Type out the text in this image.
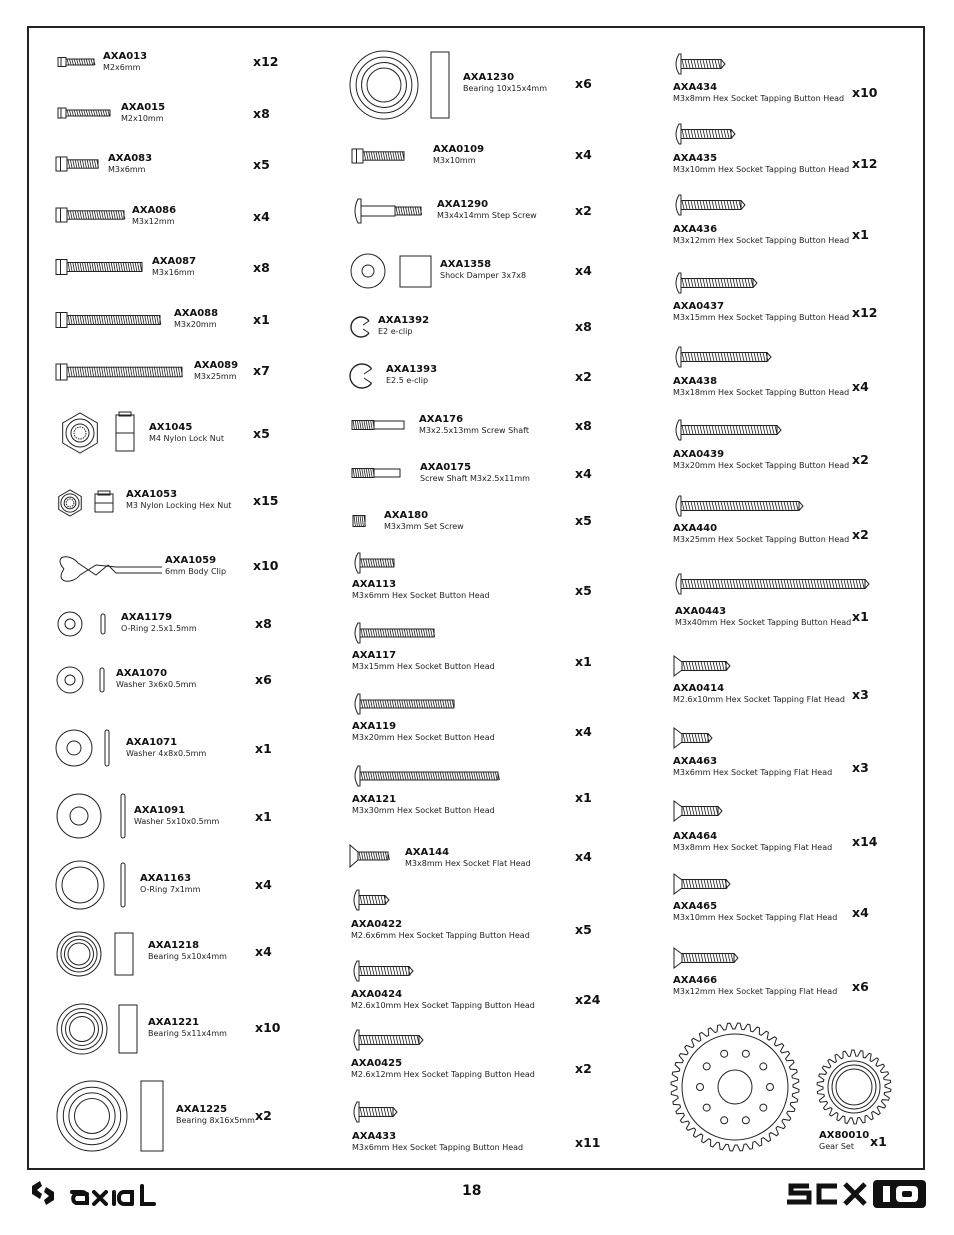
AXA013
M2x6mm	x12
AXA015
M2x10mm	x8
AXA083
M3x6mm	x5
AXA086
M3x12mm	x4
AXA087
M3x16mm	x8
AXA088
M3x20mm	x1
AXA089
M3x25mm x7
AX1045
M4 Nylon Lock Nut x5
AXA1053
M3 Nylon Locking Hex Nut x15
AXA1059
6mm Body Clip x10
AXA1179
O-Ring 2.5x1.5mm	x8
AXA1070
Washer 3x6x0.5mm	x6
AXA1071
Washer 4x8x0.5mm	x1
AXA1091
Washer 5x10x0.5mm	x1
AXA1163
O-Ring 7x1mm	x4
AXA1218
Bearing 5x10x4mm x4
AXA1221
Bearing 5x11x4mm x10
AXA1225
Bearing 8x16x5mm x2
AXA1230
Bearing 10x15x4mm x6
AXA0109
M3x10mm	x4
AXA1290
M3x4x14mm Step Screw	x2
AXA1358
Shock Damper 3x7x8	x4
AXA1392
E2 e-clip	x8
AXA1393
E2.5 e-clip	x2
AXA176
M3x2.5x13mm Screw Shaft	x8
AXA0175
Screw Shaft M3x2.5x11mm	x4
AXA180
M3x3mm Set Screw	x5
AXA113
M3x6mm Hex Socket Button Head	x5
AXA117
M3x15mm Hex Socket Button Head	x1
AXA119
M3x20mm Hex Socket Button Head	x4
AXA121
M3x30mm Hex Socket Button Head
x1
AXA144
M3x8mm Hex Socket Flat Head	x4
AXA0422
M2.6x6mm Hex Socket Tapping Button Head	x5
AXA0424
M2.6x10mm Hex Socket Tapping Button Head	x24
AXA0425
M2.6x12mm Hex Socket Tapping Button Head	x2
AXA433
M3x6mm Hex Socket Tapping Button Head	x11
AXA434
M3x8mm Hex Socket Tapping Button Head x10
AXA435
M3x10mm Hex Socket Tapping Button Head x12
AXA436
M3x12mm Hex Socket Tapping Button Head x1
AXA0437
M3x15mm Hex Socket Tapping Button Head x12
AXA438
M3x18mm Hex Socket Tapping Button Head x4
AXA0439
M3x20mm Hex Socket Tapping Button Head x2
AXA440
M3x25mm Hex Socket Tapping Button Head x2
AXA0443
M3x40mm Hex Socket Tapping Button Head x1
AXA0414
M2.6x10mm Hex Socket Tapping Flat Head x3
AXA463
M3x6mm Hex Socket Tapping Flat Head x3
AXA464
M3x8mm Hex Socket Tapping Flat Head x14
AXA465
M3x10mm Hex Socket Tapping Flat Head x4
AXA466
M3x12mm Hex Socket Tapping Flat Head x6
AX80010
Gear Set x1
18
